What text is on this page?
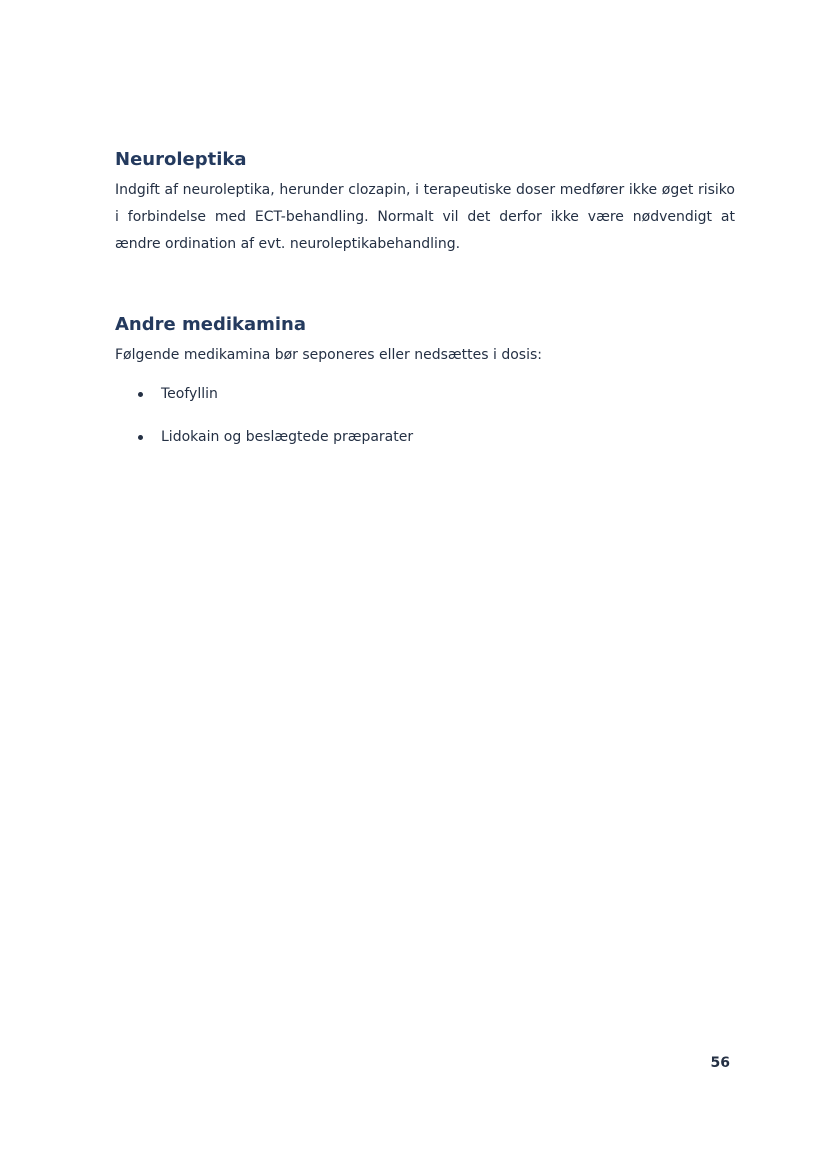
Neuroleptika

Indgift af neuroleptika, herunder clozapin, i terapeutiske doser medfører ikke øget risiko i forbindelse med ECT-behandling. Normalt vil det derfor ikke være nødvendigt at ændre ordination af evt. neuroleptikabehandling.

Andre medikamina

Følgende medikamina bør seponeres eller nedsættes i dosis:

Teofyllin
Lidokain og beslægtede præparater
56
